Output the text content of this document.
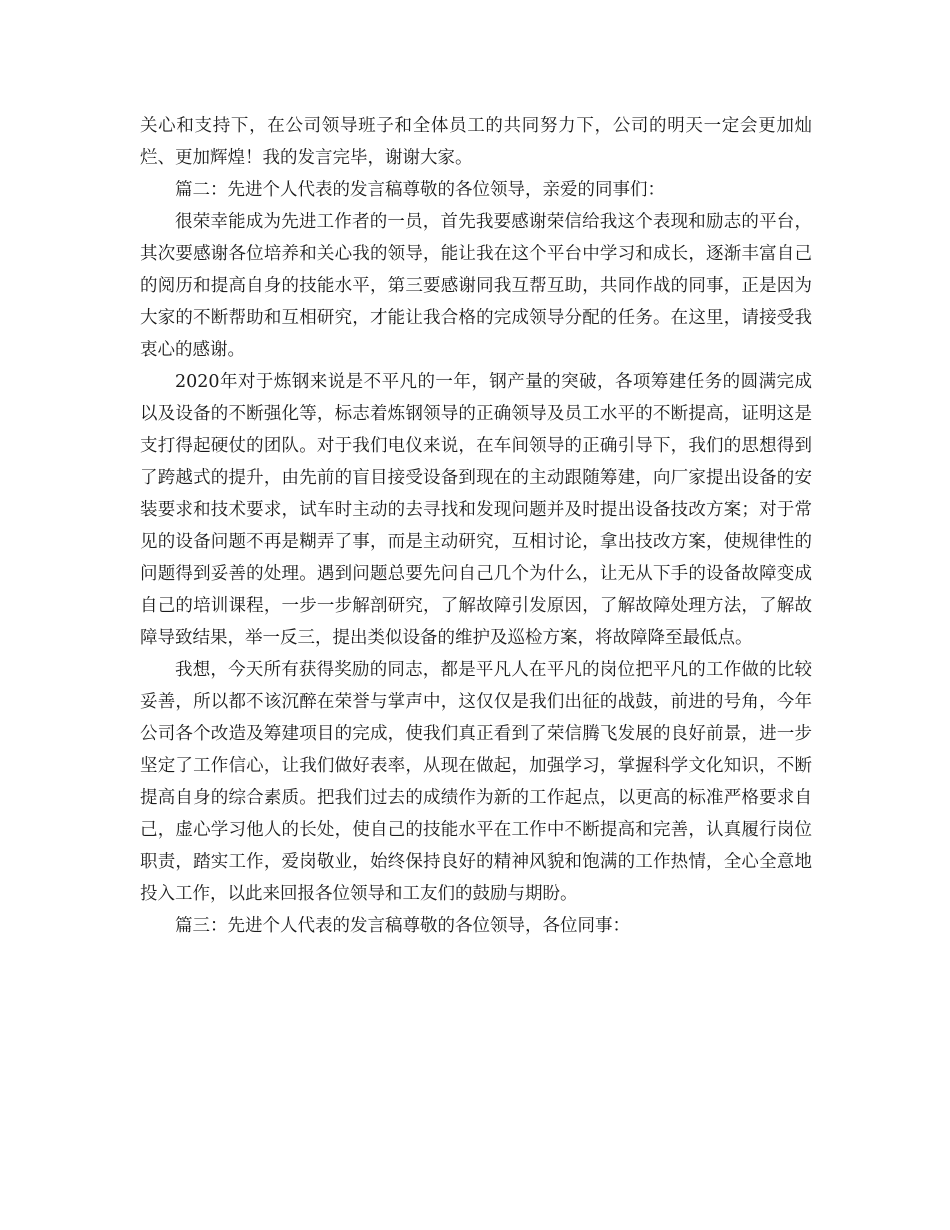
关心和支持下，在公司领导班子和全体员工的共同努力下，公司的明天一定会更加灿烂、更加辉煌！我的发言完毕，谢谢大家。

篇二：先进个人代表的发言稿尊敬的各位领导，亲爱的同事们：

很荣幸能成为先进工作者的一员，首先我要感谢荣信给我这个表现和励志的平台，其次要感谢各位培养和关心我的领导，能让我在这个平台中学习和成长，逐渐丰富自己的阅历和提高自身的技能水平，第三要感谢同我互帮互助，共同作战的同事，正是因为大家的不断帮助和互相研究，才能让我合格的完成领导分配的任务。在这里，请接受我衷心的感谢。

2020年对于炼钢来说是不平凡的一年，钢产量的突破，各项筹建任务的圆满完成以及设备的不断强化等，标志着炼钢领导的正确领导及员工水平的不断提高，证明这是支打得起硬仗的团队。对于我们电仪来说，在车间领导的正确引导下，我们的思想得到了跨越式的提升，由先前的盲目接受设备到现在的主动跟随筹建，向厂家提出设备的安装要求和技术要求，试车时主动的去寻找和发现问题并及时提出设备技改方案；对于常见的设备问题不再是糊弄了事，而是主动研究，互相讨论，拿出技改方案，使规律性的问题得到妥善的处理。遇到问题总要先问自己几个为什么，让无从下手的设备故障变成自己的培训课程，一步一步解剖研究，了解故障引发原因，了解故障处理方法，了解故障导致结果，举一反三，提出类似设备的维护及巡检方案，将故障降至最低点。

我想，今天所有获得奖励的同志，都是平凡人在平凡的岗位把平凡的工作做的比较妥善，所以都不该沉醉在荣誉与掌声中，这仅仅是我们出征的战鼓，前进的号角，今年公司各个改造及筹建项目的完成，使我们真正看到了荣信腾飞发展的良好前景，进一步坚定了工作信心，让我们做好表率，从现在做起，加强学习，掌握科学文化知识，不断提高自身的综合素质。把我们过去的成绩作为新的工作起点，以更高的标准严格要求自己，虚心学习他人的长处，使自己的技能水平在工作中不断提高和完善，认真履行岗位职责，踏实工作，爱岗敬业，始终保持良好的精神风貌和饱满的工作热情，全心全意地投入工作，以此来回报各位领导和工友们的鼓励与期盼。

篇三：先进个人代表的发言稿尊敬的各位领导，各位同事：
